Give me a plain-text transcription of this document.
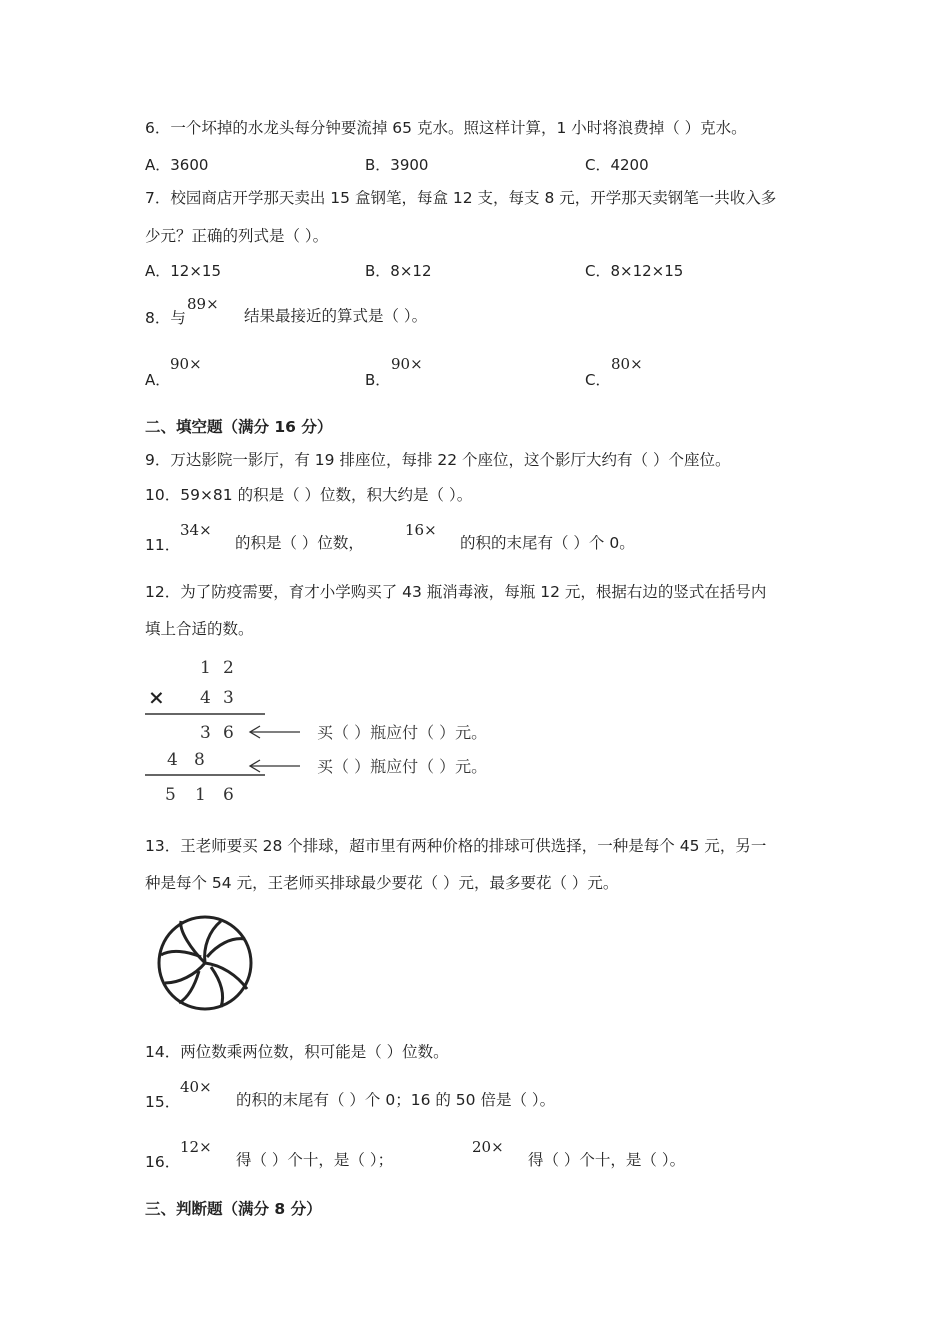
6．一个坏掉的水龙头每分钟要流掉 65 克水。照这样计算，1 小时将浪费掉（ ）克水。
A．3600	B．3900	C．4200
7．校园商店开学那天卖出 15 盒钢笔，每盒 12 支，每支 8 元，开学那天卖钢笔一共收入多
少元？正确的列式是（ ）。
A．12×15	B．8×12	C．8×12×15
8．与
89×
结果最接近的算式是（ ）。
A．
90×
B．
90×
C．
80×
二、填空题（满分 16 分）
9．万达影院一影厅，有 19 排座位，每排 22 个座位，这个影厅大约有（ ）个座位。
10．59×81 的积是（ ）位数，积大约是（ ）。
11．
34×
的积是（ ）位数，
16×
的积的末尾有（ ）个 0。
12．为了防疫需要，育才小学购买了 43 瓶消毒液，每瓶 12 元，根据右边的竖式在括号内
填上合适的数。
1 2
× 4 3
3 6	买（ ）瓶应付（ ）元。
4 8	买（ ）瓶应付（ ）元。
5 1 6
13．王老师要买 28 个排球，超市里有两种价格的排球可供选择，一种是每个 45 元，另一
种是每个 54 元，王老师买排球最少要花（ ）元，最多要花（ ）元。
14．两位数乘两位数，积可能是（ ）位数。
15．
40×
的积的末尾有（ ）个 0；16 的 50 倍是（ ）。
16．
12×
得（ ）个十，是（ ）；
20×
得（ ）个十，是（ ）。
三、判断题（满分 8 分）
